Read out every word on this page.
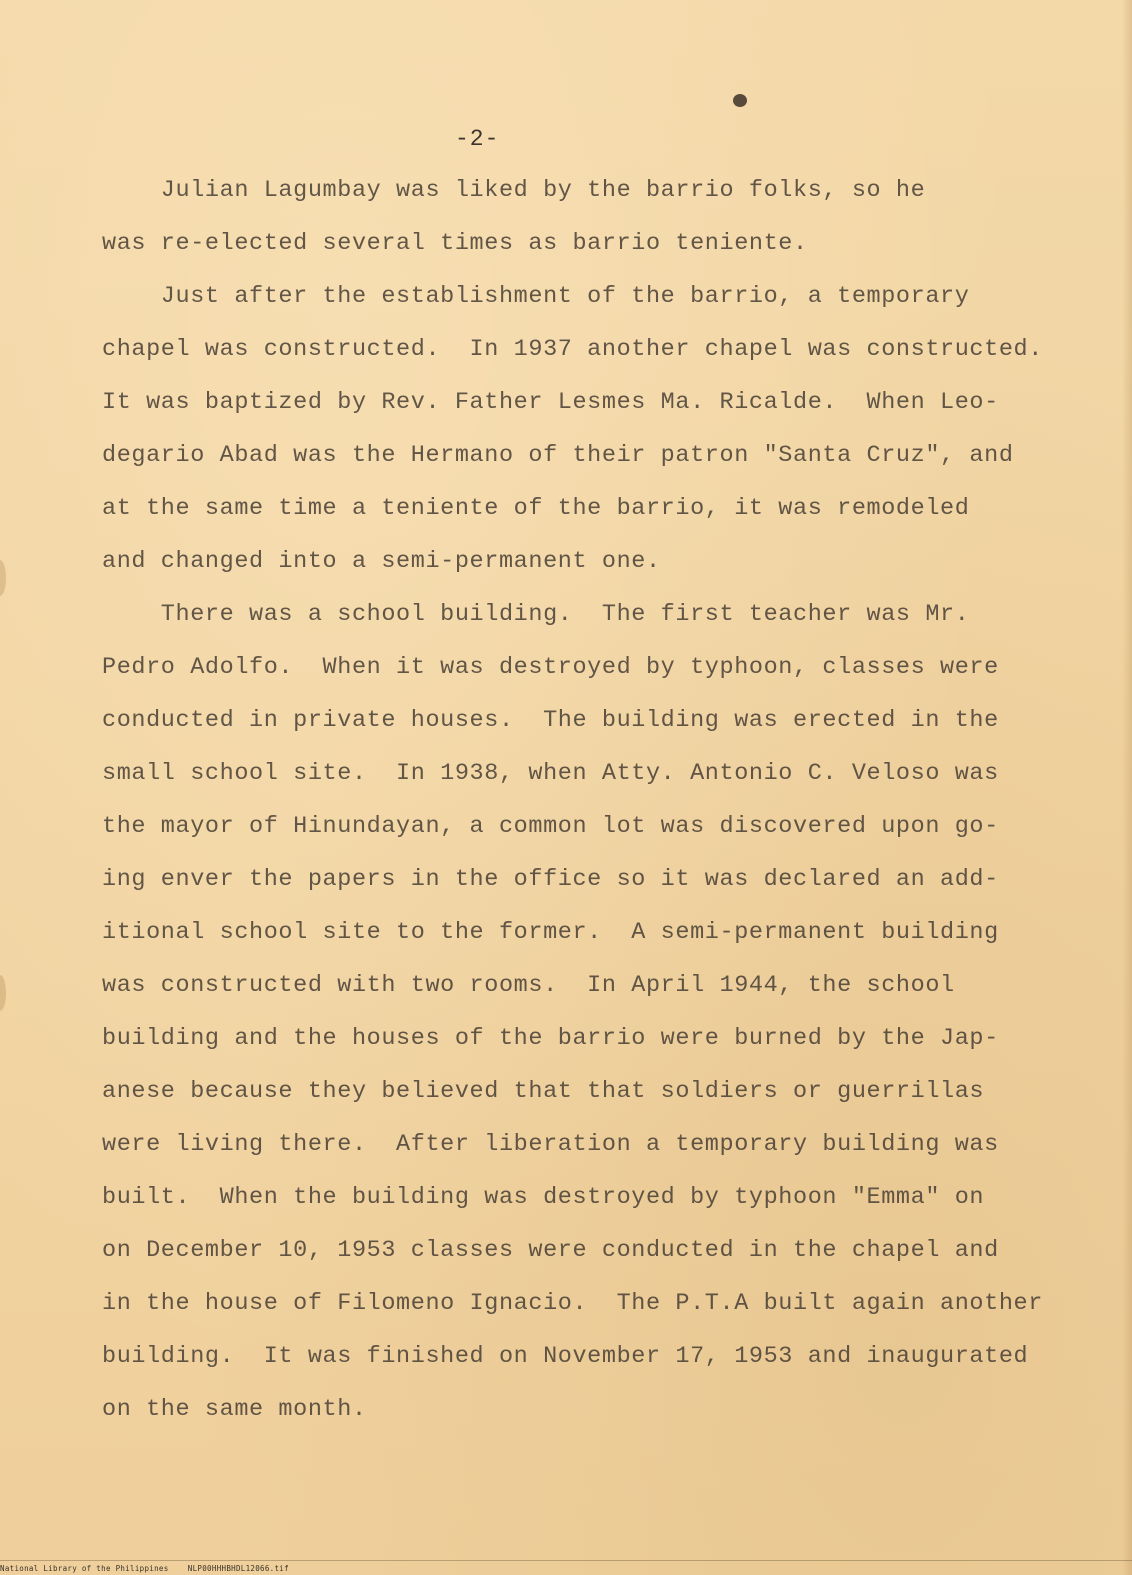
-2-
Julian Lagumbay was liked by the barrio folks, so he
was re-elected several times as barrio teniente.
Just after the establishment of the barrio, a temporary
chapel was constructed.  In 1937 another chapel was constructed.
It was baptized by Rev. Father Lesmes Ma. Ricalde.  When Leo-
degario Abad was the Hermano of their patron "Santa Cruz", and
at the same time a teniente of the barrio, it was remodeled
and changed into a semi-permanent one.
There was a school building.  The first teacher was Mr.
Pedro Adolfo.  When it was destroyed by typhoon, classes were
conducted in private houses.  The building was erected in the
small school site.  In 1938, when Atty. Antonio C. Veloso was
the mayor of Hinundayan, a common lot was discovered upon go-
ing enver the papers in the office so it was declared an add-
itional school site to the former.  A semi-permanent building
was constructed with two rooms.  In April 1944, the school
building and the houses of the barrio were burned by the Jap-
anese because they believed that that soldiers or guerrillas
were living there.  After liberation a temporary building was
built.  When the building was destroyed by typhoon "Emma" on
on December 10, 1953 classes were conducted in the chapel and
in the house of Filomeno Ignacio.  The P.T.A built again another
building.  It was finished on November 17, 1953 and inaugurated
on the same month.
National Library of the Philippines    NLP00HHHBHDL12066.tif
